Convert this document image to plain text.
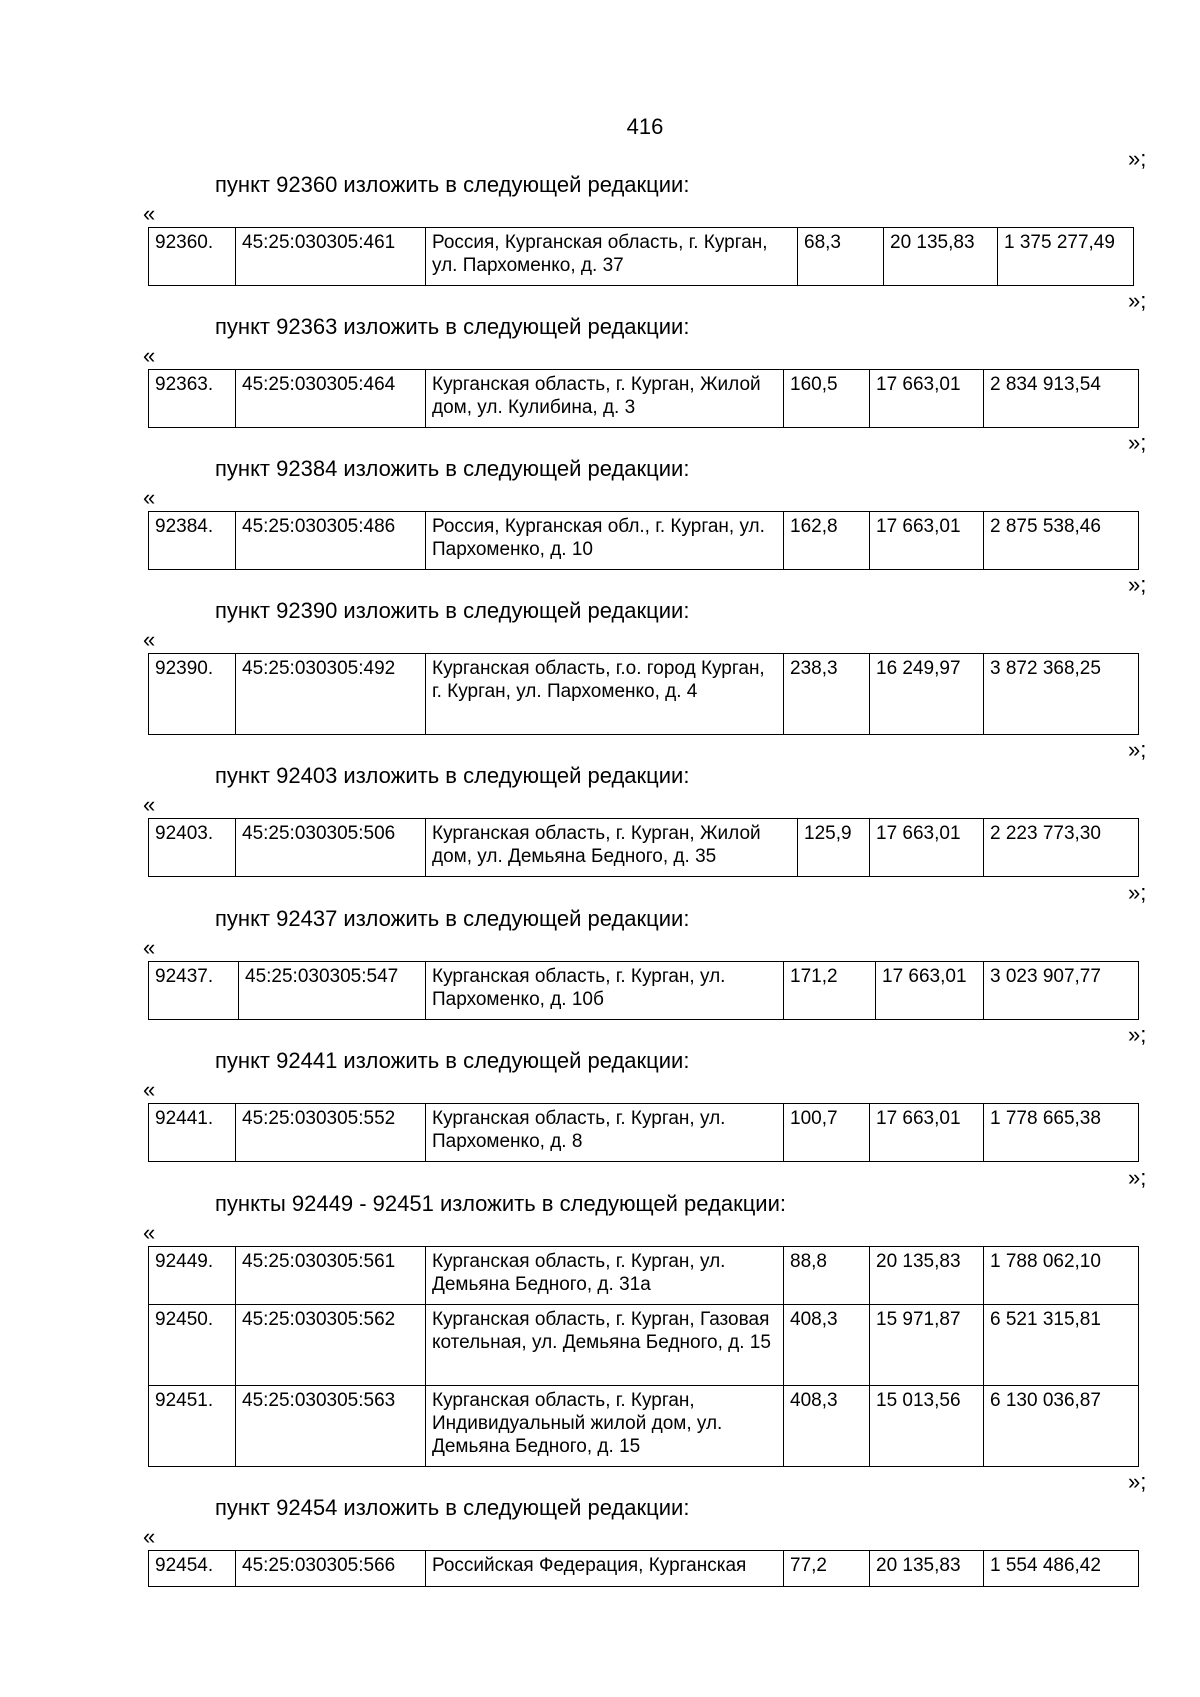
416
»;
пункт 92360 изложить в следующей редакции:
«
92360.	45:25:030305:461	Россия, Курганская область, г. Курган, ул. Пархоменко, д. 37	68,3	20 135,83	1 375 277,49
»;
пункт 92363 изложить в следующей редакции:
«
92363.	45:25:030305:464	Курганская область, г. Курган, Жилой дом, ул. Кулибина, д. 3	160,5	17 663,01	2 834 913,54
»;
пункт 92384 изложить в следующей редакции:
«
92384.	45:25:030305:486	Россия, Курганская обл., г. Курган, ул. Пархоменко, д. 10	162,8	17 663,01	2 875 538,46
»;
пункт 92390 изложить в следующей редакции:
«
92390.	45:25:030305:492	Курганская область, г.о. город Курган, г. Курган, ул. Пархоменко, д. 4	238,3	16 249,97	3 872 368,25
»;
пункт 92403 изложить в следующей редакции:
«
92403.	45:25:030305:506	Курганская область, г. Курган, Жилой дом, ул. Демьяна Бедного, д. 35	125,9	17 663,01	2 223 773,30
»;
пункт 92437 изложить в следующей редакции:
«
92437.	45:25:030305:547	Курганская область, г. Курган, ул. Пархоменко, д. 10б	171,2	17 663,01	3 023 907,77
»;
пункт 92441 изложить в следующей редакции:
«
92441.	45:25:030305:552	Курганская область, г. Курган, ул. Пархоменко, д. 8	100,7	17 663,01	1 778 665,38
»;
пункты 92449 - 92451 изложить в следующей редакции:
«
92449.	45:25:030305:561	Курганская область, г. Курган, ул. Демьяна Бедного, д. 31а	88,8	20 135,83	1 788 062,10
92450.	45:25:030305:562	Курганская область, г. Курган, Газовая котельная, ул. Демьяна Бедного, д. 15	408,3	15 971,87	6 521 315,81
92451.	45:25:030305:563	Курганская область, г. Курган, Индивидуальный жилой дом, ул. Демьяна Бедного, д. 15	408,3	15 013,56	6 130 036,87
»;
пункт 92454 изложить в следующей редакции:
«
92454.	45:25:030305:566	Российская Федерация, Курганская	77,2	20 135,83	1 554 486,42
